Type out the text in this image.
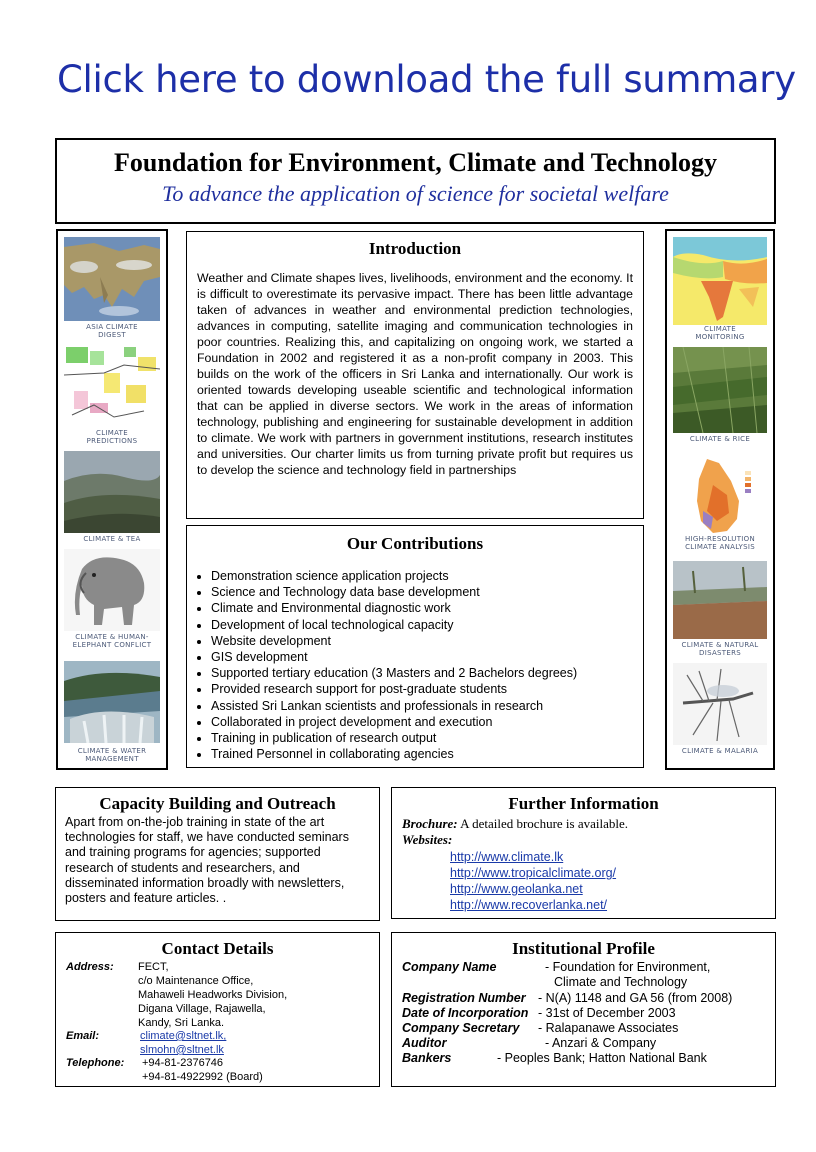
Click here to download the full summary
Foundation for Environment, Climate and Technology
To advance the application of science for societal welfare
ASIA CLIMATE
DIGEST
CLIMATE
PREDICTIONS
CLIMATE & TEA
CLIMATE & HUMAN-
ELEPHANT CONFLICT
CLIMATE & WATER
MANAGEMENT
Introduction
Weather and Climate shapes lives, livelihoods, environment and the economy. It is difficult to overestimate its pervasive impact. There has been little advantage taken of advances in weather and environmental prediction technologies, advances in computing, satellite imaging and communication technologies in poor countries. Realizing this, and capitalizing on ongoing work, we started a Foundation in 2002 and registered it as a non-profit company in 2003. This builds on the work of the officers in Sri Lanka and internationally. Our work is oriented towards developing useable scientific and technological information that can be applied in diverse sectors. We work in the areas of information technology, publishing and engineering for sustainable development in addition to climate. We work with partners in government institutions, research institutes and universities. Our charter limits us from turning private profit but requires us to develop the science and technology field in partnerships
Our Contributions
• Demonstration science application projects
• Science and Technology data base development
• Climate and Environmental diagnostic work
• Development of local technological capacity
• Website development
• GIS development
• Supported tertiary education (3 Masters and 2 Bachelors degrees)
• Provided research support for post-graduate students
• Assisted Sri Lankan scientists and professionals in research
• Collaborated in project development and execution
• Training in publication of research output
• Trained Personnel in collaborating agencies
CLIMATE
MONITORING
CLIMATE & RICE
HIGH-RESOLUTION
CLIMATE ANALYSIS
CLIMATE & NATURAL
DISASTERS
CLIMATE & MALARIA
Capacity Building and Outreach
Apart from on-the-job training in state of the art technologies for staff, we have conducted seminars and training programs for agencies; supported research of students and researchers, and disseminated information broadly with newsletters, posters and feature articles. .
Further Information
Brochure: A detailed brochure is available.
Websites:
http://www.climate.lk
http://www.tropicalclimate.org/
http://www.geolanka.net
http://www.recoverlanka.net/
Contact Details
Address: FECT,
c/o Maintenance Office,
Mahaweli Headworks Division,
Digana Village, Rajawella,
Kandy, Sri Lanka.
Email:	climate@sltnet.lk,
slmohn@sltnet.lk
Telephone: +94-81-2376746
+94-81-4922992 (Board)
Institutional Profile
Company Name	- Foundation for Environment,
Climate and Technology
Registration Number - N(A) 1148 and GA 56 (from 2008)
Date of Incorporation - 31st of December 2003
Company Secretary - Ralapanawe Associates
Auditor	- Anzari & Company
Bankers	- Peoples Bank; Hatton National Bank
